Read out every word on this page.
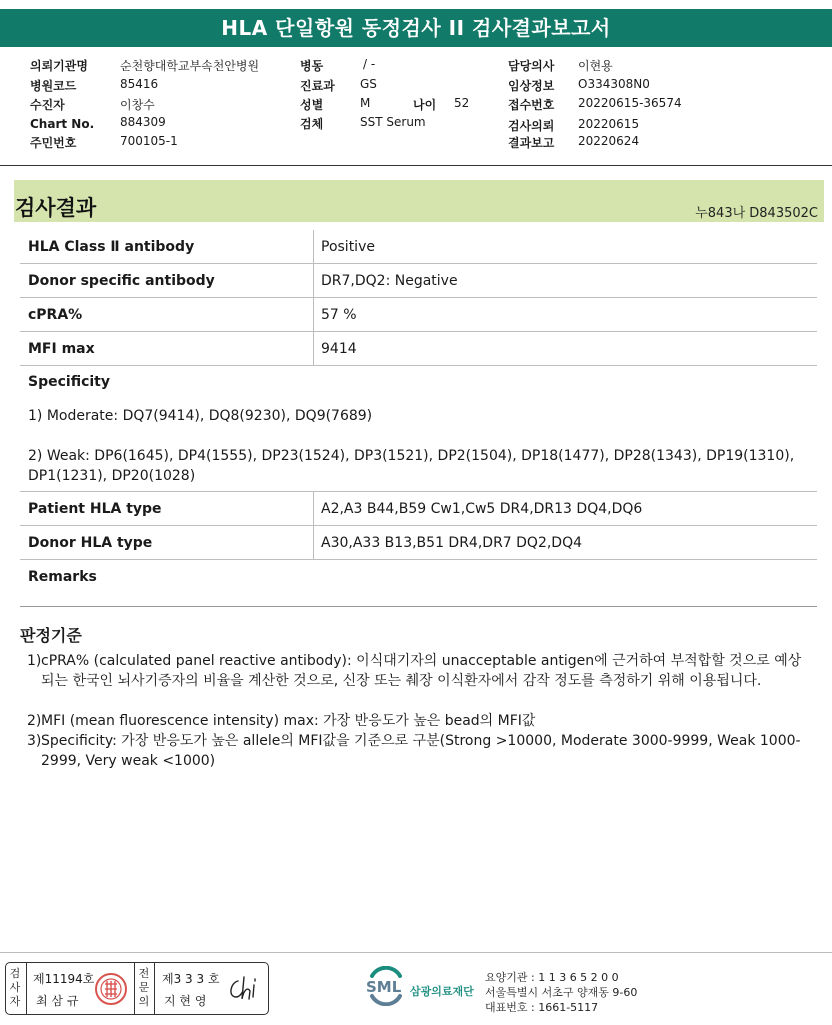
HLA 단일항원 동정검사 II 검사결과보고서
의뢰기관명	순천향대학교부속천안병원
병원코드	85416
수진자	이창수
Chart No. 884309
주민번호	700105-1
병동	/ -
진료과 GS
성별	M	나이 52
검체	SST Serum
담당의사 이현용
임상정보 O334308N0
접수번호 20220615-36574
검사의뢰 20220615
결과보고 20220624
검사결과	누843나 D843502C
HLA Class Ⅱ antibody	Positive
Donor specific antibody	DR7,DQ2: Negative
cPRA%	57 %
MFI max	9414
Specificity
1) Moderate: DQ7(9414), DQ8(9230), DQ9(7689)
2) Weak: DP6(1645), DP4(1555), DP23(1524), DP3(1521), DP2(1504), DP18(1477), DP28(1343), DP19(1310), DP1(1231), DP20(1028)
Patient HLA type	A2,A3 B44,B59 Cw1,Cw5 DR4,DR13 DQ4,DQ6
Donor HLA type	A30,A33 B13,B51 DR4,DR7 DQ2,DQ4
Remarks
판정기준
1) cPRA% (calculated panel reactive antibody): 이식대기자의 unacceptable antigen에 근거하여 부적합할 것으로 예상되는 한국인 뇌사기증자의 비율을 계산한 것으로, 신장 또는 췌장 이식환자에서 감작 정도를 측정하기 위해 이용됩니다.
2) MFI (mean fluorescence intensity) max: 가장 반응도가 높은 bead의 MFI값
3) Specificity: 가장 반응도가 높은 allele의 MFI값을 기준으로 구분(Strong >10000, Moderate 3000-9999, Weak 1000-2999, Very weak <1000)
검
사
자
제11194호
최 삼 규
전
문
의
제3 3 3 호
지 현 영
SML 삼광의료재단
요양기관 : 1 1 3 6 5 2 0 0
서울특별시 서초구 양재동 9-60
대표번호 : 1661-5117
